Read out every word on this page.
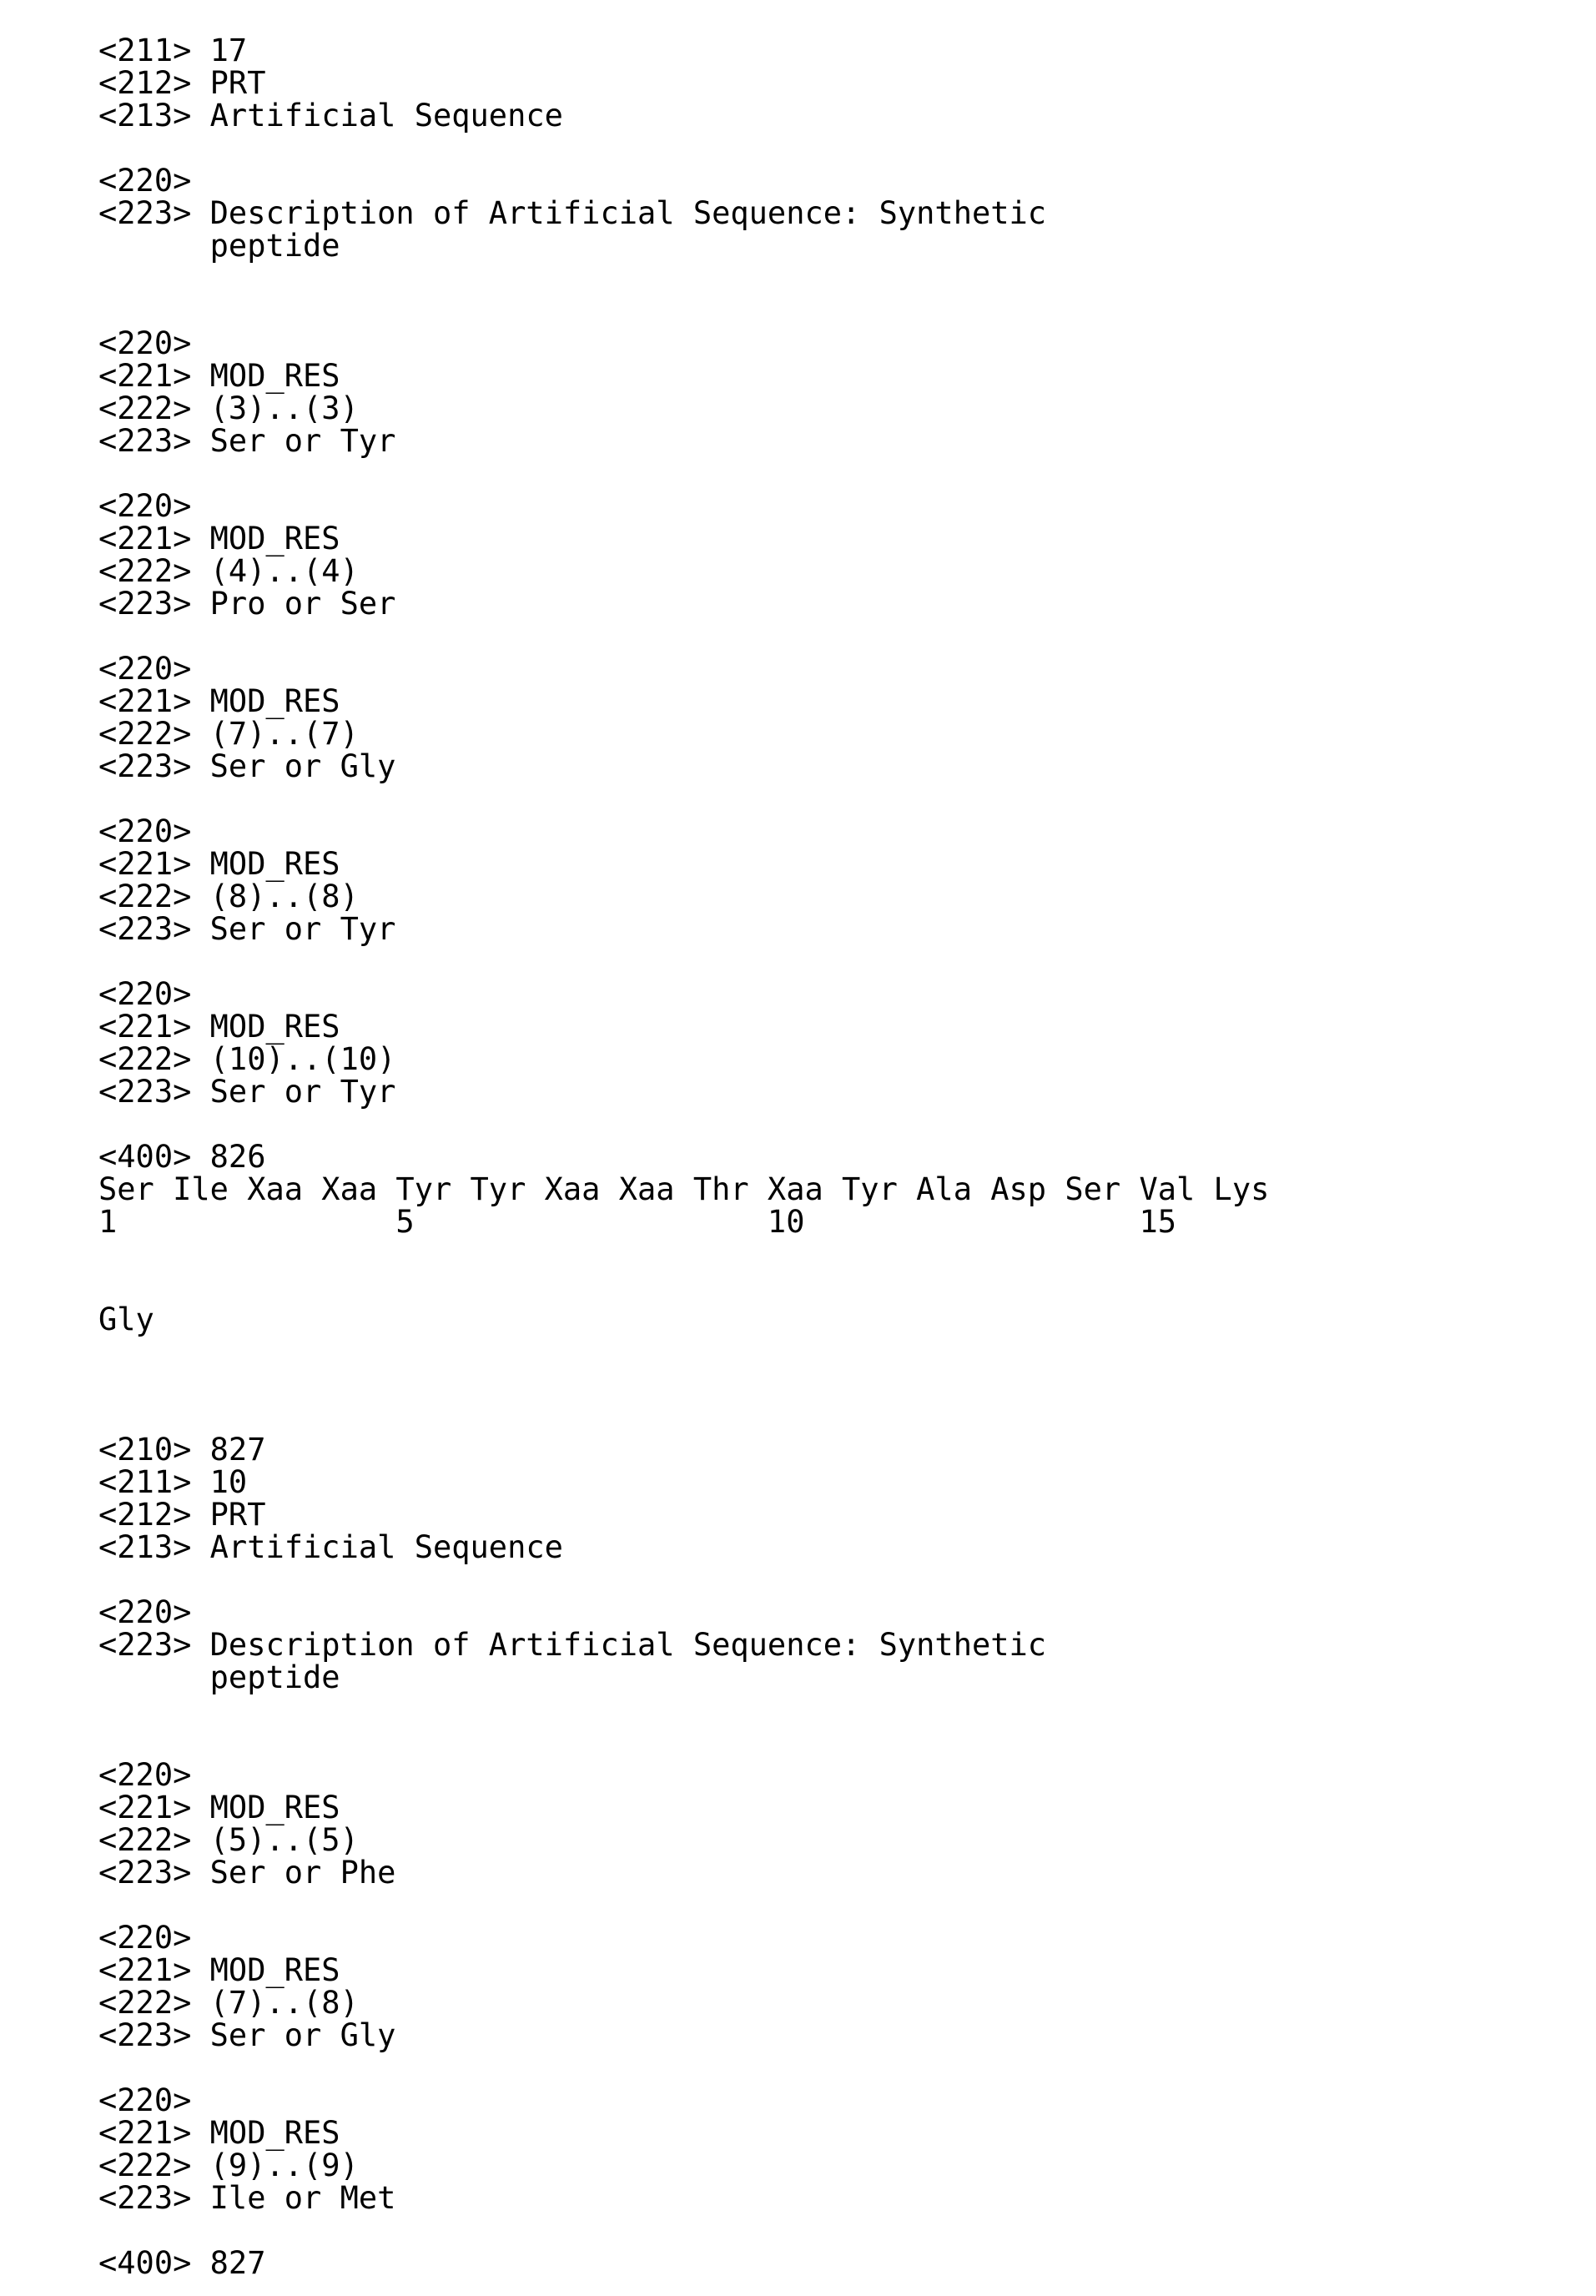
<211> 17
<212> PRT
<213> Artificial Sequence
<220>
<223> Description of Artificial Sequence: Synthetic
peptide
<220>
<221> MOD_RES
<222> (3)..(3)
<223> Ser or Tyr
<220>
<221> MOD_RES
<222> (4)..(4)
<223> Pro or Ser
<220>
<221> MOD_RES
<222> (7)..(7)
<223> Ser or Gly
<220>
<221> MOD_RES
<222> (8)..(8)
<223> Ser or Tyr
<220>
<221> MOD_RES
<222> (10)..(10)
<223> Ser or Tyr
<400> 826
Ser Ile Xaa Xaa Tyr Tyr Xaa Xaa Thr Xaa Tyr Ala Asp Ser Val Lys
1               5                   10                  15
Gly
<210> 827
<211> 10
<212> PRT
<213> Artificial Sequence
<220>
<223> Description of Artificial Sequence: Synthetic
peptide
<220>
<221> MOD_RES
<222> (5)..(5)
<223> Ser or Phe
<220>
<221> MOD_RES
<222> (7)..(8)
<223> Ser or Gly
<220>
<221> MOD_RES
<222> (9)..(9)
<223> Ile or Met
<400> 827
